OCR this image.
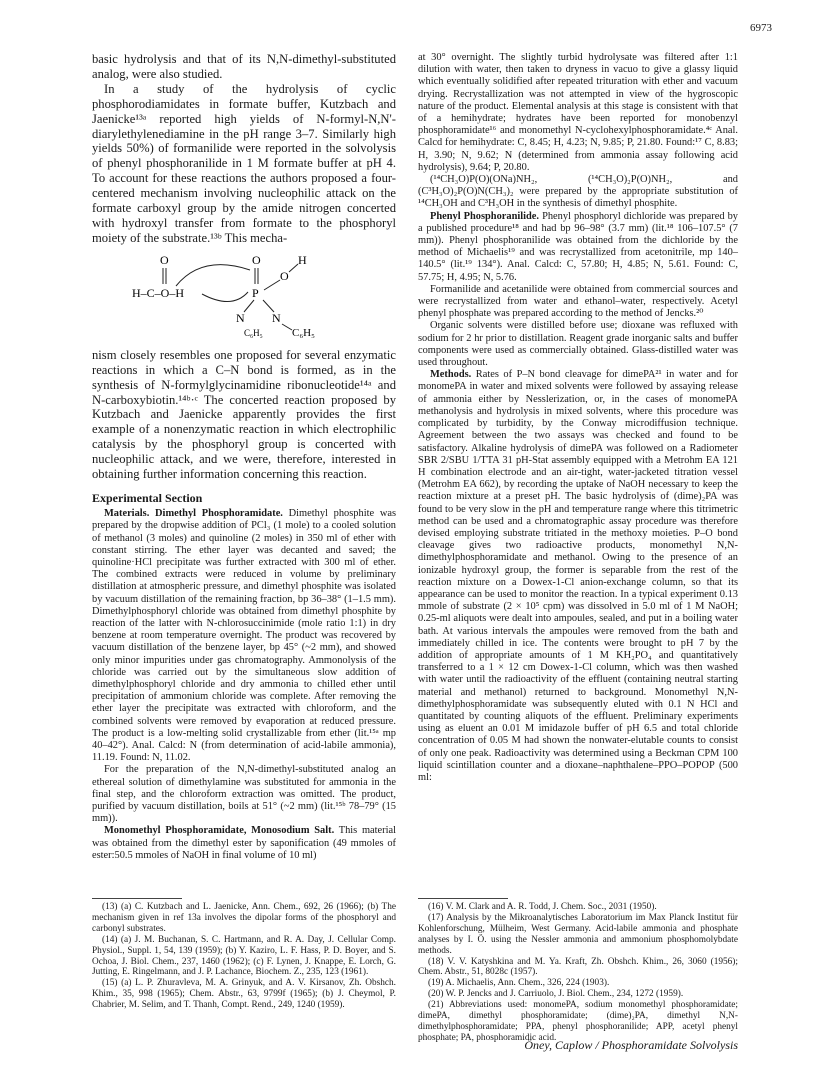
6973

basic hydrolysis and that of its N,N-dimethyl-substituted analog, were also studied.

In a study of the hydrolysis of cyclic phosphorodiamidates in formate buffer, Kutzbach and Jaenicke¹³ᵃ reported high yields of N-formyl-N,N'-diarylethylenediamine in the pH range 3–7. Similarly high yields 50%) of formanilide were reported in the solvolysis of phenyl phosphoranilide in 1 M formate buffer at pH 4. To account for these reactions the authors proposed a four-centered mechanism involving nucleophilic attack on the formate carboxyl group by the amide nitrogen concerted with hydroxyl transfer from formate to the phosphoryl moiety of the substrate.¹³ᵇ This mecha-

O
H–C–O–H
O
P
O
H
N N
C₆H₅	C₆H₅

nism closely resembles one proposed for several enzymatic reactions in which a C–N bond is formed, as in the synthesis of N-formylglycinamidine ribonucleotide¹⁴ᵃ and N-carboxybiotin.¹⁴ᵇ·ᶜ The concerted reaction proposed by Kutzbach and Jaenicke apparently provides the first example of a nonenzymatic reaction in which electrophilic catalysis by the phosphoryl group is concerted with nucleophilic attack, and we were, therefore, interested in obtaining further information concerning this reaction.

Experimental Section

Materials. Dimethyl Phosphoramidate. Dimethyl phosphite was prepared by the dropwise addition of PCl₃ (1 mole) to a cooled solution of methanol (3 moles) and quinoline (2 moles) in 350 ml of ether with constant stirring. The ether layer was decanted and saved; the quinoline·HCl precipitate was further extracted with 300 ml of ether. The combined extracts were reduced in volume by preliminary distillation at atmospheric pressure, and dimethyl phosphite was isolated by vacuum distillation of the remaining fraction, bp 36–38° (1–1.5 mm). Dimethylphosphoryl chloride was obtained from dimethyl phosphite by reaction of the latter with N-chlorosuccinimide (mole ratio 1:1) in dry benzene at room temperature overnight. The product was recovered by vacuum distillation of the benzene layer, bp 45° (~2 mm), and showed only minor impurities under gas chromatography. Ammonolysis of the chloride was carried out by the simultaneous slow addition of dimethylphosphoryl chloride and dry ammonia to chilled ether until precipitation of ammonium chloride was complete. After removing the ether layer the precipitate was extracted with chloroform, and the combined solvents were removed by evaporation at reduced pressure. The product is a low-melting solid crystallizable from ether (lit.¹⁵ᵃ mp 40–42°). Anal. Calcd: N (from determination of acid-labile ammonia), 11.19. Found: N, 11.02.

For the preparation of the N,N-dimethyl-substituted analog an ethereal solution of dimethylamine was substituted for ammonia in the final step, and the chloroform extraction was omitted. The product, purified by vacuum distillation, boils at 51° (~2 mm) (lit.¹⁵ᵇ 78–79° (15 mm)).

Monomethyl Phosphoramidate, Monosodium Salt. This material was obtained from the dimethyl ester by saponification (49 mmoles of ester:50.5 mmoles of NaOH in final volume of 10 ml)

at 30° overnight. The slightly turbid hydrolysate was filtered after 1:1 dilution with water, then taken to dryness in vacuo to give a glassy liquid which eventually solidified after repeated trituration with ether and vacuum drying. Recrystallization was not attempted in view of the hygroscopic nature of the product. Elemental analysis at this stage is consistent with that of a hemihydrate; hydrates have been reported for monobenzyl phosphoramidate¹⁶ and monomethyl N-cyclohexylphosphoramidate.⁴ᶜ Anal. Calcd for hemihydrate: C, 8.45; H, 4.23; N, 9.85; P, 21.80. Found:¹⁷ C, 8.83; H, 3.90; N, 9.62; N (determined from ammonia assay following acid hydrolysis), 9.64; P, 20.80.

(¹⁴CH₃O)P(O)(ONa)NH₂, (¹⁴CH₃O)₂P(O)NH₂, and (C³H₃O)₂P(O)N(CH₃)₂ were prepared by the appropriate substitution of ¹⁴CH₃OH and C³H₃OH in the synthesis of dimethyl phosphite.

Phenyl Phosphoranilide. Phenyl phosphoryl dichloride was prepared by a published procedure¹⁸ and had bp 96–98° (3.7 mm) (lit.¹⁸ 106–107.5° (7 mm)). Phenyl phosphoranilide was obtained from the dichloride by the method of Michaelis¹⁹ and was recrystallized from acetonitrile, mp 140–140.5° (lit.¹⁹ 134°). Anal. Calcd: C, 57.80; H, 4.85; N, 5.61. Found: C, 57.75; H, 4.95; N, 5.76.

Formanilide and acetanilide were obtained from commercial sources and were recrystallized from water and ethanol–water, respectively. Acetyl phenyl phosphate was prepared according to the method of Jencks.²⁰

Organic solvents were distilled before use; dioxane was refluxed with sodium for 2 hr prior to distillation. Reagent grade inorganic salts and buffer components were used as commercially obtained. Glass-distilled water was used throughout.

Methods. Rates of P–N bond cleavage for dimePA²¹ in water and for monomePA in water and mixed solvents were followed by assaying release of ammonia either by Nesslerization, or, in the cases of monomePA methanolysis and hydrolysis in mixed solvents, where this procedure was complicated by turbidity, by the Conway microdiffusion technique. Agreement between the two assays was checked and found to be satisfactory. Alkaline hydrolysis of dimePA was followed on a Radiometer SBR 2/SBU 1/TTA 31 pH-Stat assembly equipped with a Metrohm EA 121 H combination electrode and an air-tight, water-jacketed titration vessel (Metrohm EA 662), by recording the uptake of NaOH necessary to keep the reaction mixture at a preset pH. The basic hydrolysis of (dime)₂PA was found to be very slow in the pH and temperature range where this titrimetric method can be used and a chromatographic assay procedure was therefore devised employing substrate tritiated in the methoxy moieties. P–O bond cleavage gives two radioactive products, monomethyl N,N-dimethylphosphoramidate and methanol. Owing to the presence of an ionizable hydroxyl group, the former is separable from the rest of the reaction mixture on a Dowex-1-Cl anion-exchange column, so that its appearance can be used to monitor the reaction. In a typical experiment 0.13 mmole of substrate (2 × 10⁵ cpm) was dissolved in 5.0 ml of 1 M NaOH; 0.25-ml aliquots were dealt into ampoules, sealed, and put in a boiling water bath. At various intervals the ampoules were removed from the bath and immediately chilled in ice. The contents were brought to pH 7 by the addition of appropriate amounts of 1 M KH₂PO₄ and quantitatively transferred to a 1 × 12 cm Dowex-1-Cl column, which was then washed with water until the radioactivity of the effluent (containing neutral starting material and methanol) returned to background. Monomethyl N,N-dimethylphosphoramidate was subsequently eluted with 0.1 N HCl and quantitated by counting aliquots of the effluent. Preliminary experiments using as eluent an 0.01 M imidazole buffer of pH 6.5 and total chloride concentration of 0.05 M had shown the nonwater-elutable counts to consist of only one peak. Radioactivity was determined using a Beckman CPM 100 liquid scintillation counter and a dioxane–naphthalene–PPO–POPOP (500 ml:

(13) (a) C. Kutzbach and L. Jaenicke, Ann. Chem., 692, 26 (1966); (b) The mechanism given in ref 13a involves the dipolar forms of the phosphoryl and carbonyl substrates.

(14) (a) J. M. Buchanan, S. C. Hartmann, and R. A. Day, J. Cellular Comp. Physiol., Suppl. 1, 54, 139 (1959); (b) Y. Kaziro, L. F. Hass, P. D. Boyer, and S. Ochoa, J. Biol. Chem., 237, 1460 (1962); (c) F. Lynen, J. Knappe, E. Lorch, G. Jutting, E. Ringelmann, and J. P. Lachance, Biochem. Z., 235, 123 (1961).

(15) (a) L. P. Zhuravleva, M. A. Grinyuk, and A. V. Kirsanov, Zh. Obshch. Khim., 35, 998 (1965); Chem. Abstr., 63, 9799f (1965); (b) J. Cheymol, P. Chabrier, M. Selim, and T. Thanh, Compt. Rend., 249, 1240 (1959).

(16) V. M. Clark and A. R. Todd, J. Chem. Soc., 2031 (1950).

(17) Analysis by the Mikroanalytisches Laboratorium im Max Planck Institut für Kohlenforschung, Mülheim, West Germany. Acid-labile ammonia and phosphate analyses by I. Ö. using the Nessler ammonia and ammonium phosphomolybdate methods.

(18) V. V. Katyshkina and M. Ya. Kraft, Zh. Obshch. Khim., 26, 3060 (1956); Chem. Abstr., 51, 8028c (1957).

(19) A. Michaelis, Ann. Chem., 326, 224 (1903).

(20) W. P. Jencks and J. Carriuolo, J. Biol. Chem., 234, 1272 (1959).

(21) Abbreviations used: monomePA, sodium monomethyl phosphoramidate; dimePA, dimethyl phosphoramidate; (dime)₂PA, dimethyl N,N-dimethylphosphoramidate; PPA, phenyl phosphoranilide; APP, acetyl phenyl phosphate; PA, phosphoramidic acid.

Öney, Caplow / Phosphoramidate Solvolysis
